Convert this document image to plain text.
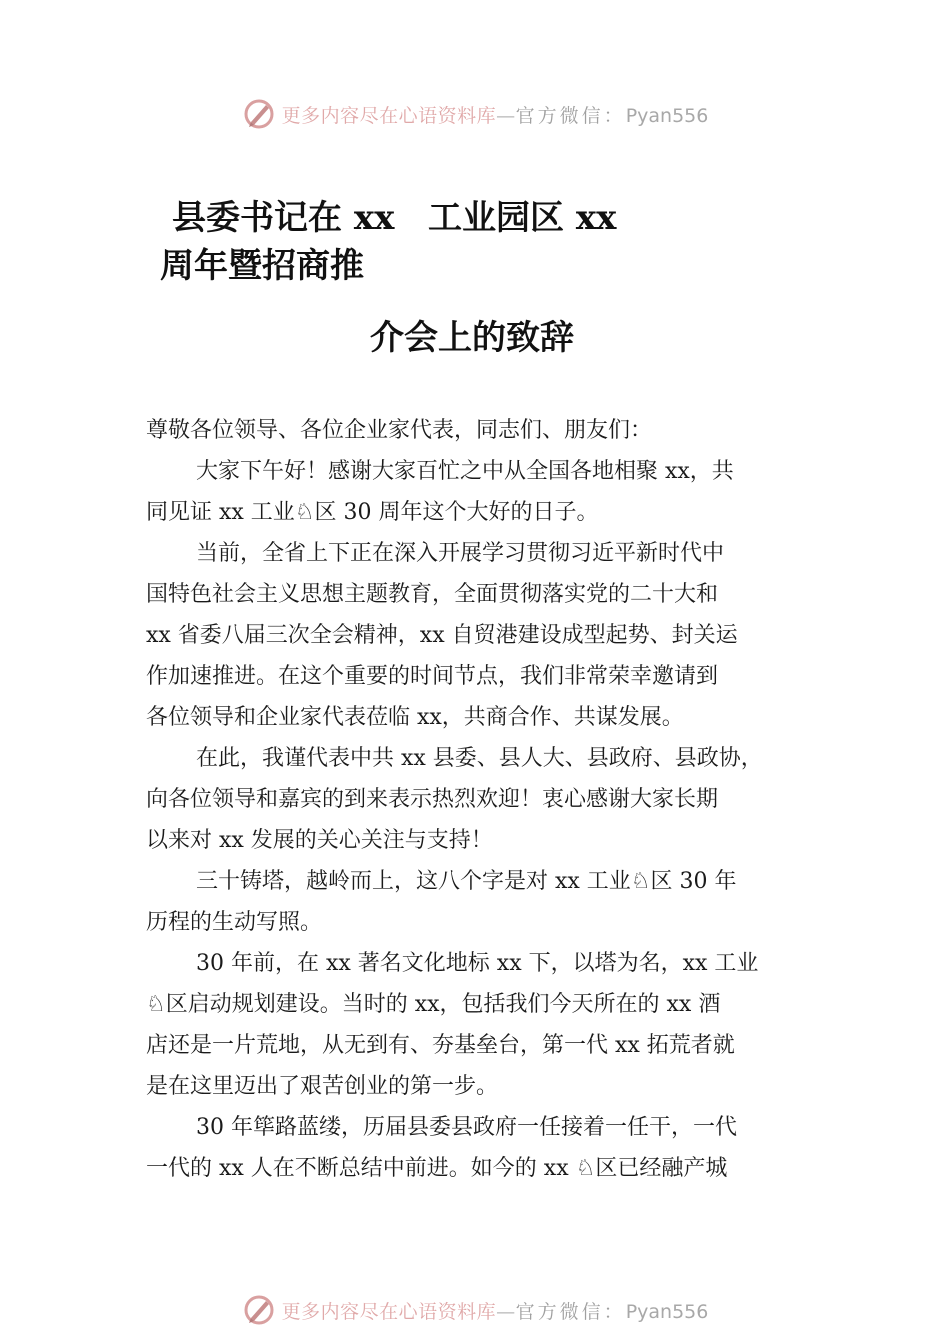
更多内容尽在心语资料库—官方微信：Pyan556
县委书记在 xx 工业园区 xx
周年暨招商推
介会上的致辞
尊敬各位领导、各位企业家代表，同志们、朋友们：
大家下午好！感谢大家百忙之中从全国各地相聚 xx，共
同见证 xx 工业♘区 30 周年这个大好的日子。
当前，全省上下正在深入开展学习贯彻习近平新时代中
国特色社会主义思想主题教育，全面贯彻落实党的二十大和
xx 省委八届三次全会精神，xx 自贸港建设成型起势、封关运
作加速推进。在这个重要的时间节点，我们非常荣幸邀请到
各位领导和企业家代表莅临 xx，共商合作、共谋发展。
在此，我谨代表中共 xx 县委、县人大、县政府、县政协，
向各位领导和嘉宾的到来表示热烈欢迎！衷心感谢大家长期
以来对 xx 发展的关心关注与支持！
三十铸塔，越岭而上，这八个字是对 xx 工业♘区 30 年
历程的生动写照。
30 年前，在 xx 著名文化地标 xx 下，以塔为名，xx 工业
♘区启动规划建设。当时的 xx，包括我们今天所在的 xx 酒
店还是一片荒地，从无到有、夯基垒台，第一代 xx 拓荒者就
是在这里迈出了艰苦创业的第一步。
30 年筚路蓝缕，历届县委县政府一任接着一任干，一代
一代的 xx 人在不断总结中前进。如今的 xx ♘区已经融产城
更多内容尽在心语资料库—官方微信：Pyan556
